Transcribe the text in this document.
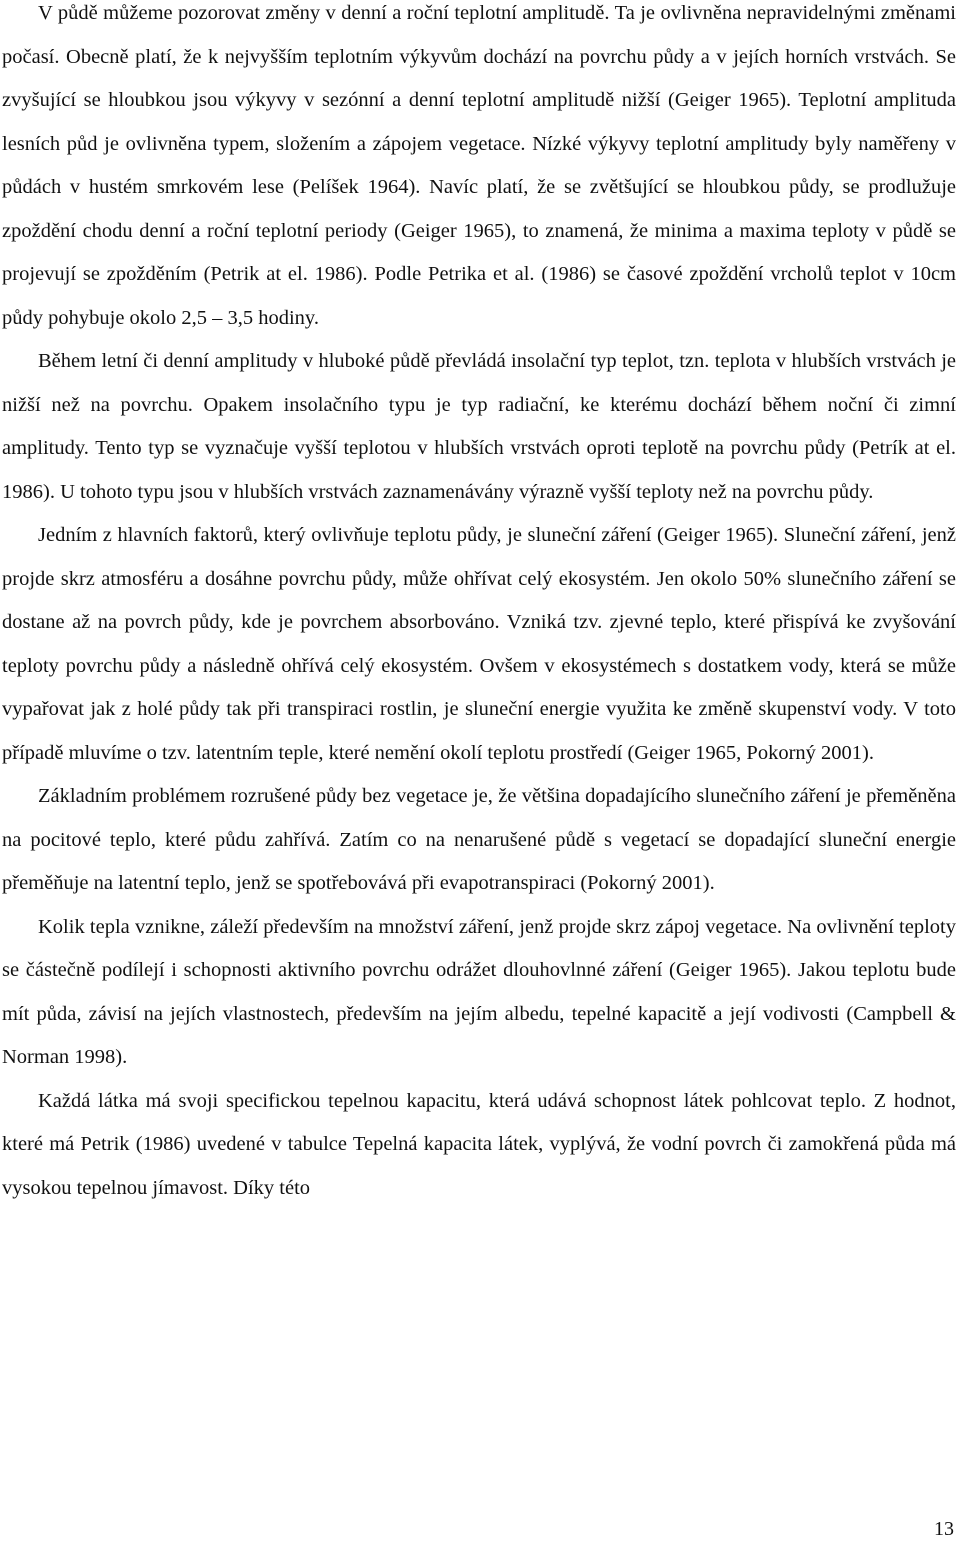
V půdě můžeme pozorovat změny v denní a roční teplotní amplitudě. Ta je ovlivněna nepravidelnými změnami počasí. Obecně platí, že k nejvyšším teplotním výkyvům dochází na povrchu půdy a v jejích horních vrstvách. Se zvyšující se hloubkou jsou výkyvy v sezónní a denní teplotní amplitudě nižší (Geiger 1965). Teplotní amplituda lesních půd je ovlivněna typem, složením a zápojem vegetace. Nízké výkyvy teplotní amplitudy byly naměřeny v půdách v hustém smrkovém lese (Pelíšek 1964). Navíc platí, že se zvětšující se hloubkou půdy, se prodlužuje zpoždění chodu denní a roční teplotní periody (Geiger 1965), to znamená, že minima a maxima teploty v půdě se projevují se zpožděním (Petrik at el. 1986). Podle Petrika et al. (1986) se časové zpoždění vrcholů teplot v 10cm půdy pohybuje okolo 2,5 – 3,5 hodiny.

Během letní či denní amplitudy v hluboké půdě převládá insolační typ teplot, tzn. teplota v hlubších vrstvách je nižší než na povrchu. Opakem insolačního typu je typ radiační, ke kterému dochází během noční či zimní amplitudy. Tento typ se vyznačuje vyšší teplotou v hlubších vrstvách oproti teplotě na povrchu půdy (Petrík at el. 1986). U tohoto typu jsou v hlubších vrstvách zaznamenávány výrazně vyšší teploty než na povrchu půdy.

Jedním z hlavních faktorů, který ovlivňuje teplotu půdy, je sluneční záření (Geiger 1965). Sluneční záření, jenž projde skrz atmosféru a dosáhne povrchu půdy, může ohřívat celý ekosystém. Jen okolo 50% slunečního záření se dostane až na povrch půdy, kde je povrchem absorbováno. Vzniká tzv. zjevné teplo, které přispívá ke zvyšování teploty povrchu půdy a následně ohřívá celý ekosystém. Ovšem v ekosystémech s dostatkem vody, která se může vypařovat jak z holé půdy tak při transpiraci rostlin, je sluneční energie využita ke změně skupenství vody. V toto případě mluvíme o tzv. latentním teple, které nemění okolí teplotu prostředí (Geiger 1965, Pokorný 2001).

Základním problémem rozrušené půdy bez vegetace je, že většina dopadajícího slunečního záření je přeměněna na pocitové teplo, které půdu zahřívá. Zatím co na nenarušené půdě s vegetací se dopadající sluneční energie přeměňuje na latentní teplo, jenž se spotřebovává při evapotranspiraci (Pokorný 2001).

Kolik tepla vznikne, záleží především na množství záření, jenž projde skrz zápoj vegetace. Na ovlivnění teploty se částečně podílejí i schopnosti aktivního povrchu odrážet dlouhovlnné záření (Geiger 1965). Jakou teplotu bude mít půda, závisí na jejích vlastnostech, především na jejím albedu, tepelné kapacitě a její vodivosti (Campbell & Norman 1998).

Každá látka má svoji specifickou tepelnou kapacitu, která udává schopnost látek pohlcovat teplo. Z hodnot, které má Petrik (1986) uvedené v tabulce Tepelná kapacita látek, vyplývá, že vodní povrch či zamokřená půda má vysokou tepelnou jímavost. Díky této

13
